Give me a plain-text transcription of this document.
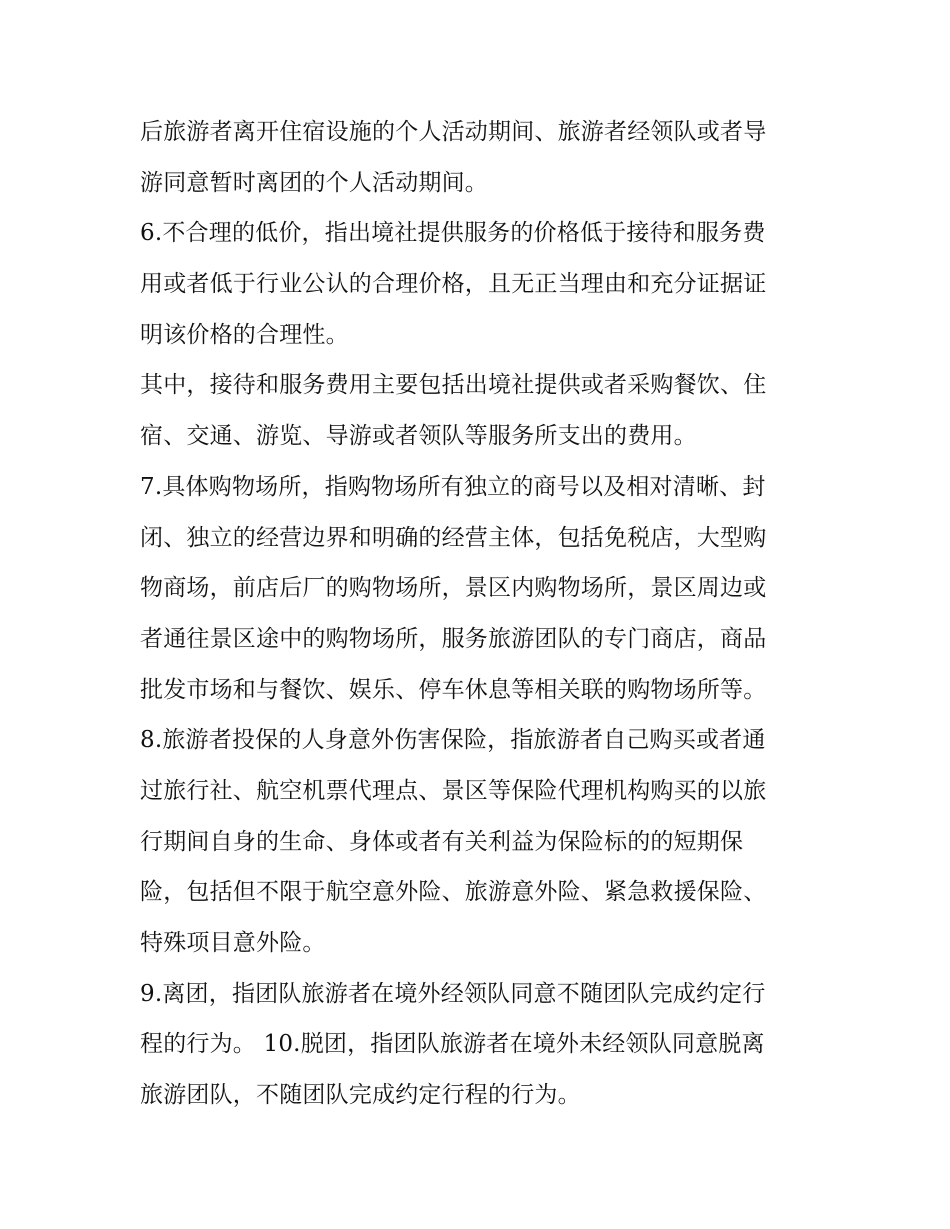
后旅游者离开住宿设施的个人活动期间、旅游者经领队或者导
游同意暂时离团的个人活动期间。
6.不合理的低价，指出境社提供服务的价格低于接待和服务费
用或者低于行业公认的合理价格，且无正当理由和充分证据证
明该价格的合理性。
其中，接待和服务费用主要包括出境社提供或者采购餐饮、住
宿、交通、游览、导游或者领队等服务所支出的费用。
7.具体购物场所，指购物场所有独立的商号以及相对清晰、封
闭、独立的经营边界和明确的经营主体，包括免税店，大型购
物商场，前店后厂的购物场所，景区内购物场所，景区周边或
者通往景区途中的购物场所，服务旅游团队的专门商店，商品
批发市场和与餐饮、娱乐、停车休息等相关联的购物场所等。
8.旅游者投保的人身意外伤害保险，指旅游者自己购买或者通
过旅行社、航空机票代理点、景区等保险代理机构购买的以旅
行期间自身的生命、身体或者有关利益为保险标的的短期保
险，包括但不限于航空意外险、旅游意外险、紧急救援保险、
特殊项目意外险。
9.离团，指团队旅游者在境外经领队同意不随团队完成约定行
程的行为。 10.脱团，指团队旅游者在境外未经领队同意脱离
旅游团队，不随团队完成约定行程的行为。
